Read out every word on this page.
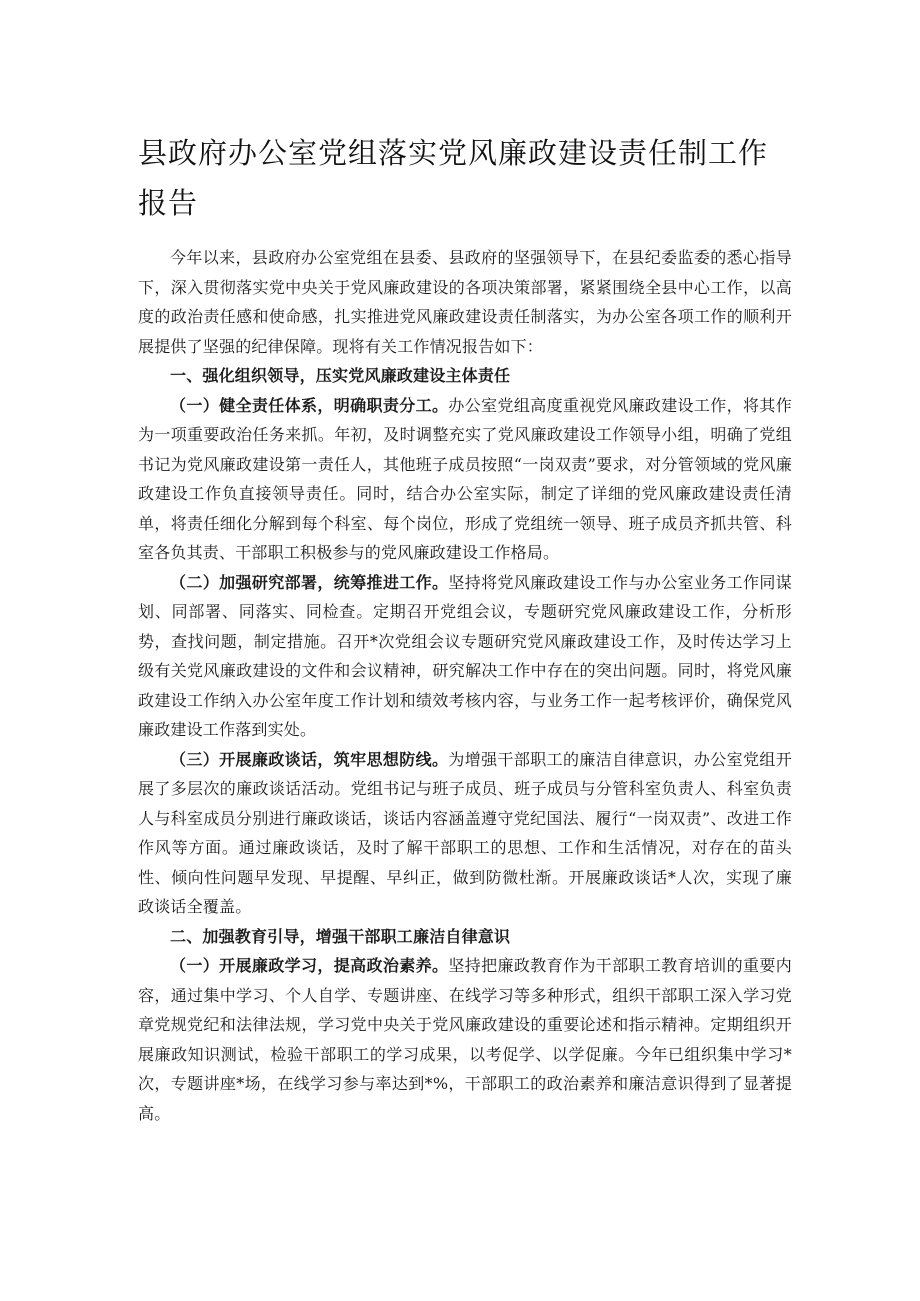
县政府办公室党组落实党风廉政建设责任制工作报告

今年以来，县政府办公室党组在县委、县政府的坚强领导下，在县纪委监委的悉心指导下，深入贯彻落实党中央关于党风廉政建设的各项决策部署，紧紧围绕全县中心工作，以高度的政治责任感和使命感，扎实推进党风廉政建设责任制落实，为办公室各项工作的顺利开展提供了坚强的纪律保障。现将有关工作情况报告如下：

一、强化组织领导，压实党风廉政建设主体责任

（一）健全责任体系，明确职责分工。办公室党组高度重视党风廉政建设工作，将其作为一项重要政治任务来抓。年初，及时调整充实了党风廉政建设工作领导小组，明确了党组书记为党风廉政建设第一责任人，其他班子成员按照“一岗双责”要求，对分管领域的党风廉政建设工作负直接领导责任。同时，结合办公室实际，制定了详细的党风廉政建设责任清单，将责任细化分解到每个科室、每个岗位，形成了党组统一领导、班子成员齐抓共管、科室各负其责、干部职工积极参与的党风廉政建设工作格局。

（二）加强研究部署，统筹推进工作。坚持将党风廉政建设工作与办公室业务工作同谋划、同部署、同落实、同检查。定期召开党组会议，专题研究党风廉政建设工作，分析形势，查找问题，制定措施。召开*次党组会议专题研究党风廉政建设工作，及时传达学习上级有关党风廉政建设的文件和会议精神，研究解决工作中存在的突出问题。同时，将党风廉政建设工作纳入办公室年度工作计划和绩效考核内容，与业务工作一起考核评价，确保党风廉政建设工作落到实处。

（三）开展廉政谈话，筑牢思想防线。为增强干部职工的廉洁自律意识，办公室党组开展了多层次的廉政谈话活动。党组书记与班子成员、班子成员与分管科室负责人、科室负责人与科室成员分别进行廉政谈话，谈话内容涵盖遵守党纪国法、履行“一岗双责”、改进工作作风等方面。通过廉政谈话，及时了解干部职工的思想、工作和生活情况，对存在的苗头性、倾向性问题早发现、早提醒、早纠正，做到防微杜渐。开展廉政谈话*人次，实现了廉政谈话全覆盖。

二、加强教育引导，增强干部职工廉洁自律意识

（一）开展廉政学习，提高政治素养。坚持把廉政教育作为干部职工教育培训的重要内容，通过集中学习、个人自学、专题讲座、在线学习等多种形式，组织干部职工深入学习党章党规党纪和法律法规，学习党中央关于党风廉政建设的重要论述和指示精神。定期组织开展廉政知识测试，检验干部职工的学习成果，以考促学、以学促廉。今年已组织集中学习*次，专题讲座*场，在线学习参与率达到*%，干部职工的政治素养和廉洁意识得到了显著提高。
